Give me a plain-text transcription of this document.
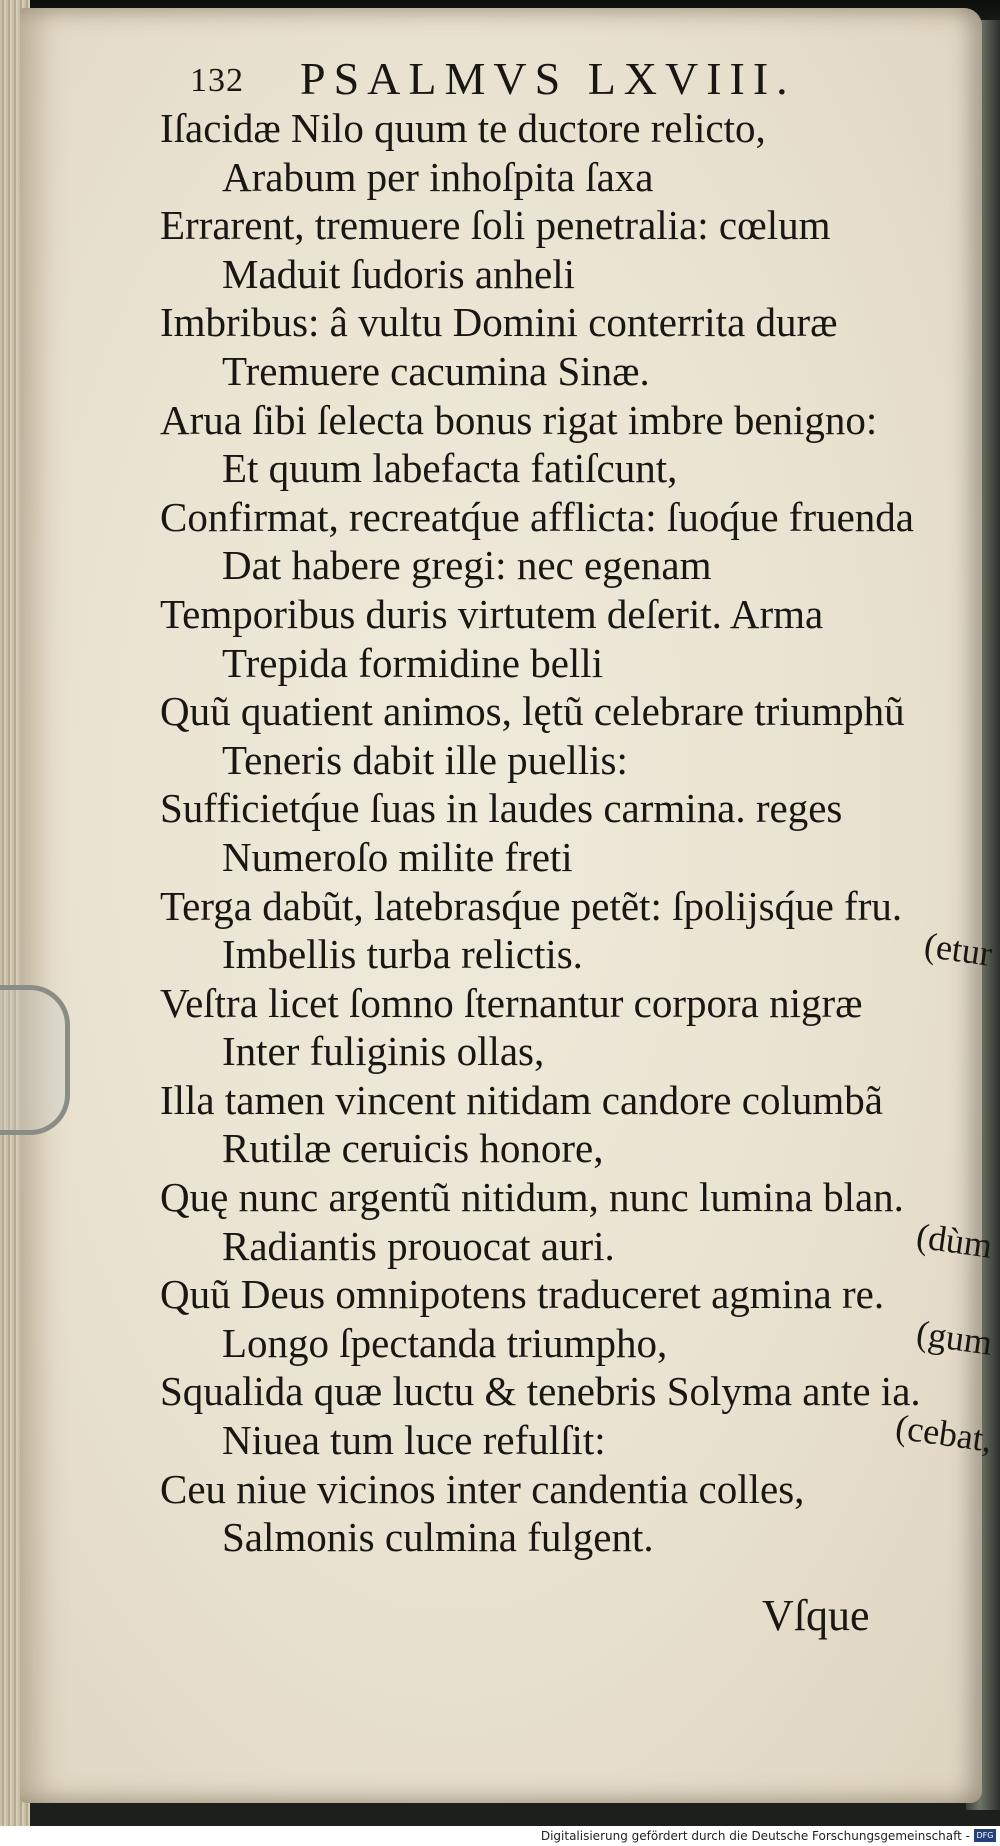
132 PSALMVS LXVIII.
Iſacidæ Nilo quum te ductore relicto,
Arabum per inhoſpita ſaxa
Errarent, tremuere ſoli penetralia: cœlum
Maduit ſudoris anheli
Imbribus: â vultu Domini conterrita duræ
Tremuere cacumina Sinæ.
Arua ſibi ſelecta bonus rigat imbre benigno:
Et quum labefacta fatiſcunt,
Confirmat, recreatq́ue afflicta: ſuoq́ue fruenda
Dat habere gregi: nec egenam
Temporibus duris virtutem deſerit. Arma
Trepida formidine belli
Quũ quatient animos, lętũ celebrare triumphũ
Teneris dabit ille puellis:
Sufficietq́ue ſuas in laudes carmina. reges
Numeroſo milite freti
Terga dabũt, latebrasq́ue petẽt: ſpolijsq́ue fru.
Imbellis turba relictis.	(etur
Veſtra licet ſomno ſternantur corpora nigræ
Inter fuliginis ollas,
Illa tamen vincent nitidam candore columbã
Rutilæ ceruicis honore,
Quę nunc argentũ nitidum, nunc lumina blan.
Radiantis prouocat auri.	(dùm
Quũ Deus omnipotens traduceret agmina re.
Longo ſpectanda triumpho,	(gum
Squalida quæ luctu & tenebris Solyma ante ia.
Niuea tum luce refulſit:	(cebat,
Ceu niue vicinos inter candentia colles,
Salmonis culmina fulgent.
Vſque
Digitalisierung gefördert durch die Deutsche Forschungsgemeinschaft - DFG
